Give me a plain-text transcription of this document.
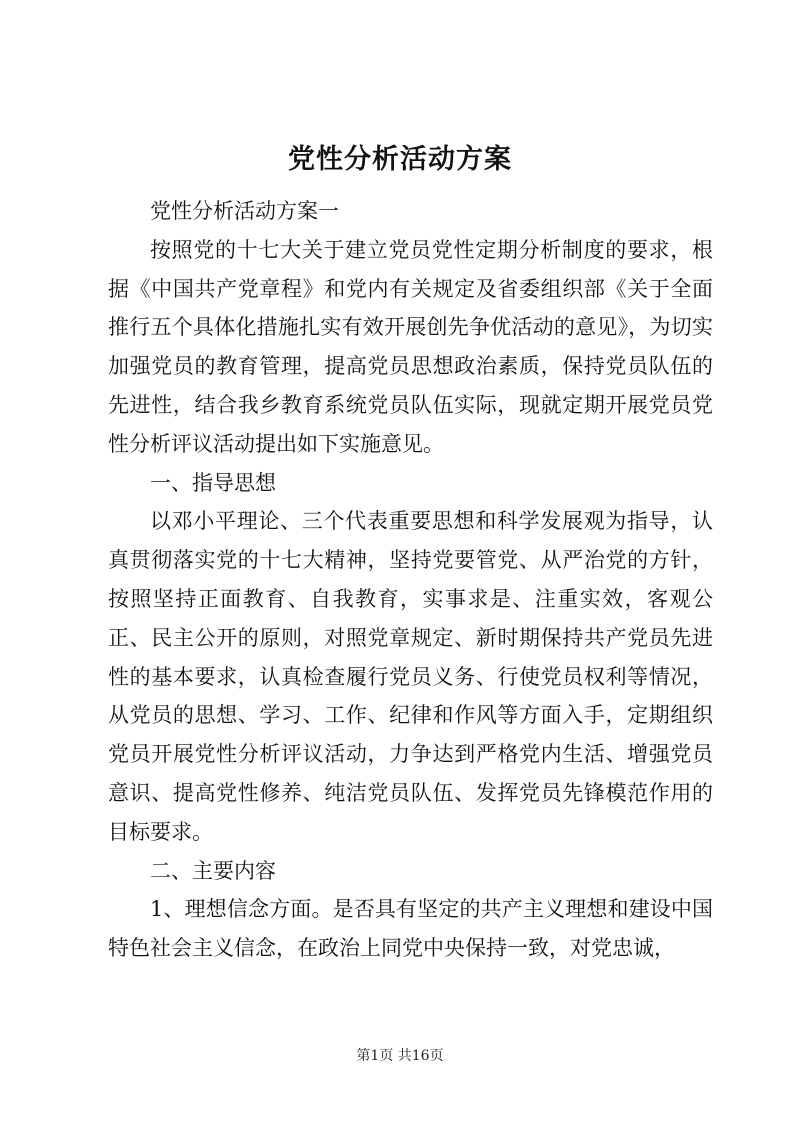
党性分析活动方案

党性分析活动方案一

按照党的十七大关于建立党员党性定期分析制度的要求，根据《中国共产党章程》和党内有关规定及省委组织部《关于全面推行五个具体化措施扎实有效开展创先争优活动的意见》，为切实加强党员的教育管理，提高党员思想政治素质，保持党员队伍的先进性，结合我乡教育系统党员队伍实际，现就定期开展党员党性分析评议活动提出如下实施意见。

一、指导思想

以邓小平理论、三个代表重要思想和科学发展观为指导，认真贯彻落实党的十七大精神，坚持党要管党、从严治党的方针，按照坚持正面教育、自我教育，实事求是、注重实效，客观公正、民主公开的原则，对照党章规定、新时期保持共产党员先进性的基本要求，认真检查履行党员义务、行使党员权利等情况，从党员的思想、学习、工作、纪律和作风等方面入手，定期组织党员开展党性分析评议活动，力争达到严格党内生活、增强党员意识、提高党性修养、纯洁党员队伍、发挥党员先锋模范作用的目标要求。

二、主要内容

1、理想信念方面。是否具有坚定的共产主义理想和建设中国特色社会主义信念，在政治上同党中央保持一致，对党忠诚，

第1页 共16页
